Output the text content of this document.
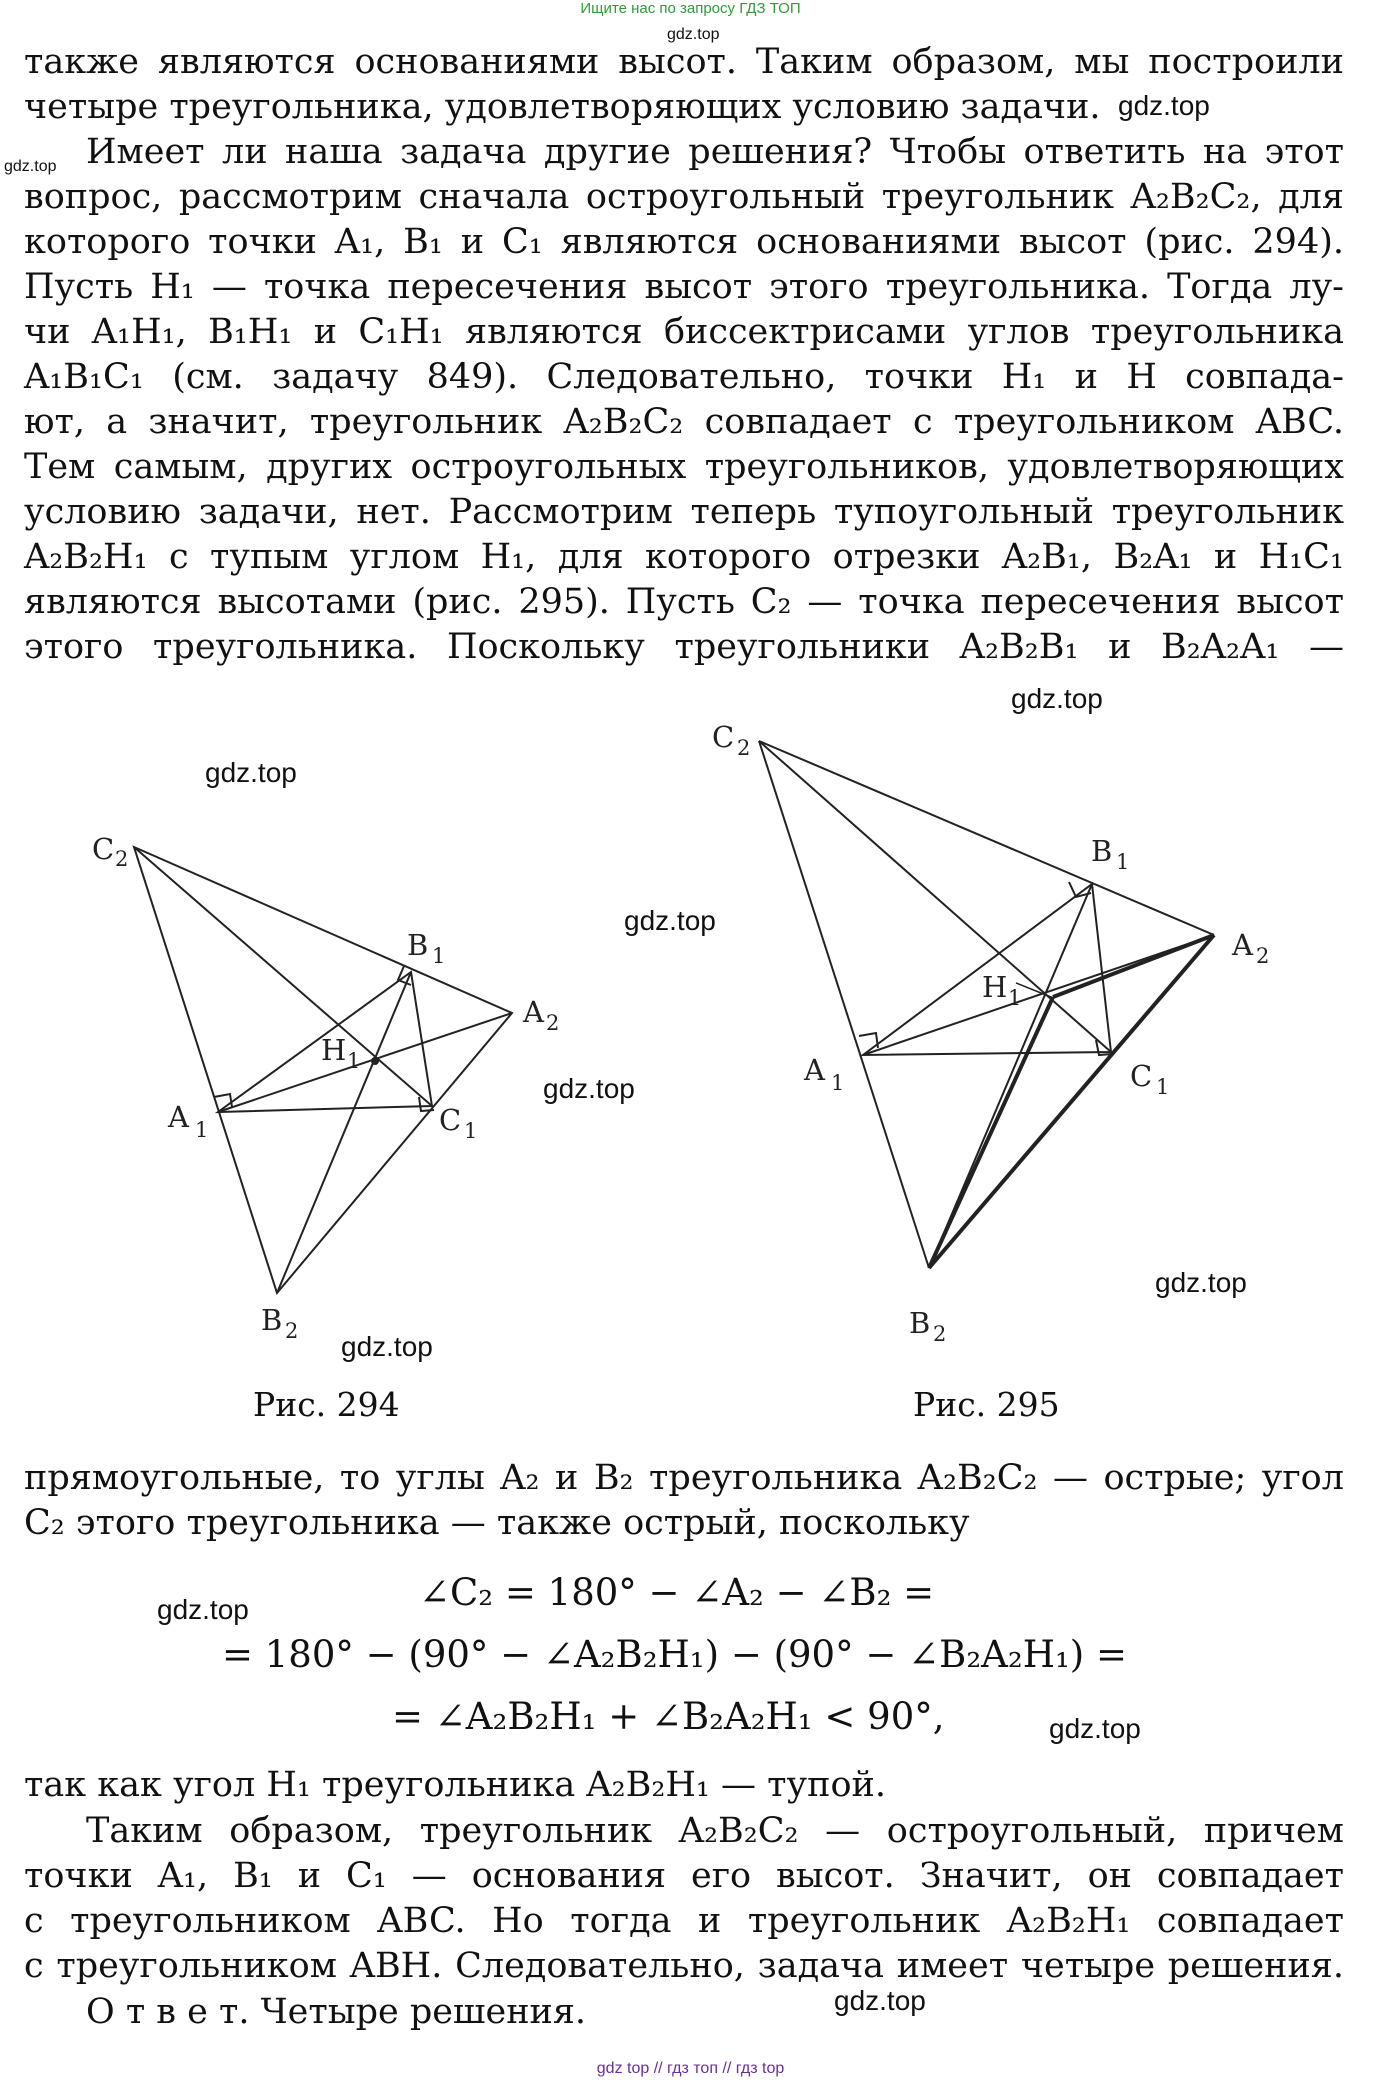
Ищите нас по запросу ГДЗ ТОП
gdz.top
также являются основаниями высот. Таким образом, мы построили
четыре треугольника, удовлетворяющих условию задачи. gdz.top
gdz.top Имеет ли наша задача другие решения? Чтобы ответить на этот
вопрос, рассмотрим сначала остроугольный треугольник A₂B₂C₂, для
которого точки A₁, B₁ и C₁ являются основаниями высот (рис. 294).
Пусть H₁ — точка пересечения высот этого треугольника. Тогда лу-
чи A₁H₁, B₁H₁ и C₁H₁ являются биссектрисами углов треугольника
A₁B₁C₁ (см. задачу 849). Следовательно, точки H₁ и H совпада-
ют, а значит, треугольник A₂B₂C₂ совпадает с треугольником ABC.
Тем самым, других остроугольных треугольников, удовлетворяющих
условию задачи, нет. Рассмотрим теперь тупоугольный треугольник
A₂B₂H₁ с тупым углом H₁, для которого отрезки A₂B₁, B₂A₁ и H₁C₁
являются высотами (рис. 295). Пусть C₂ — точка пересечения высот
этого треугольника. Поскольку треугольники A₂B₂B₁ и B₂A₂A₁ —
C 2
B 1
A 2
H 1
A 1	C 1
B 2
C 2
B 1
A 2
H 1
A 1	C 1
B 2
gdz.top
gdz.top
gdz.top
gdz.top
gdz.top
gdz.top
Рис. 294	Рис. 295
прямоугольные, то углы A₂ и B₂ треугольника A₂B₂C₂ — острые; угол
C₂ этого треугольника — также острый, поскольку
gdz.top	∠C₂ = 180° − ∠A₂ − ∠B₂ =
= 180° − (90° − ∠A₂B₂H₁) − (90° − ∠B₂A₂H₁) =
= ∠A₂B₂H₁ + ∠B₂A₂H₁ < 90°,	gdz.top
так как угол H₁ треугольника A₂B₂H₁ — тупой.
Таким образом, треугольник A₂B₂C₂ — остроугольный, причем
точки A₁, B₁ и C₁ — основания его высот. Значит, он совпадает
с треугольником ABC. Но тогда и треугольник A₂B₂H₁ совпадает
с треугольником ABH. Следовательно, задача имеет четыре решения.
О т в е т. Четыре решения.	gdz.top
gdz top // гдз топ // гдз top
